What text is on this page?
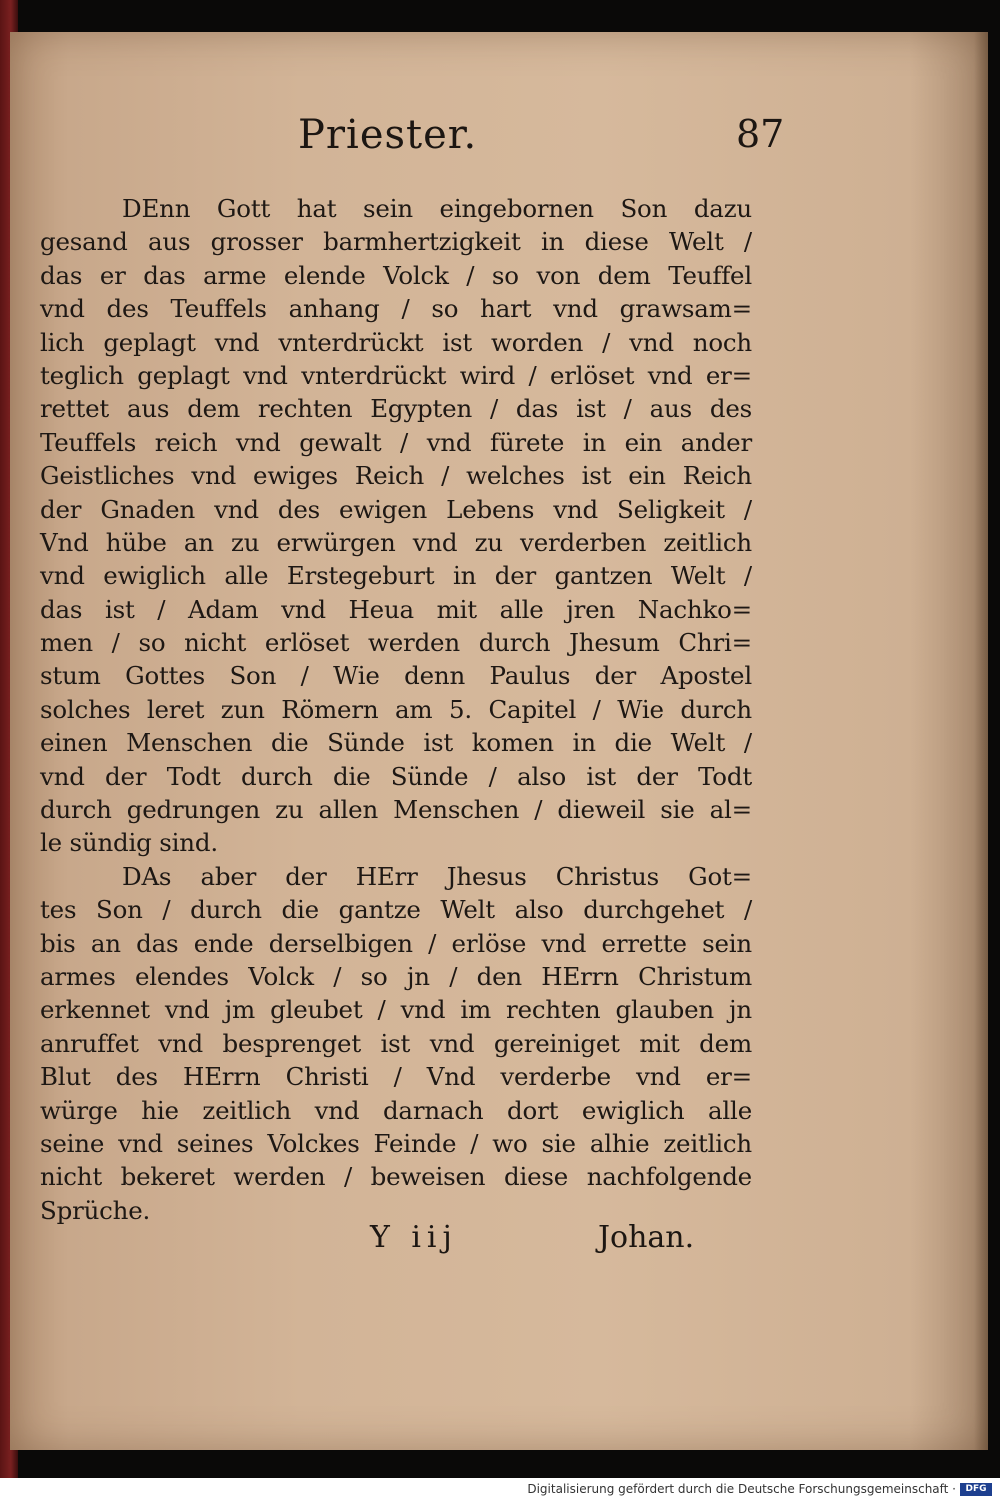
Priester.	87
DEnn Gott hat sein eingebornen Son dazu
gesand aus grosser barmhertzigkeit in diese Welt /
das er das arme elende Volck / so von dem Teuffel
vnd des Teuffels anhang / so hart vnd grawsam=
lich geplagt vnd vnterdrückt ist worden / vnd noch
teglich geplagt vnd vnterdrückt wird / erlöset vnd er=
rettet aus dem rechten Egypten / das ist / aus des
Teuffels reich vnd gewalt / vnd fürete in ein ander
Geistliches vnd ewiges Reich / welches ist ein Reich
der Gnaden vnd des ewigen Lebens vnd Seligkeit /
Vnd hübe an zu erwürgen vnd zu verderben zeitlich
vnd ewiglich alle Erstegeburt in der gantzen Welt /
das ist / Adam vnd Heua mit alle jren Nachko=
men / so nicht erlöset werden durch Jhesum Chri=
stum Gottes Son / Wie denn Paulus der Apostel
solches leret zun Römern am 5. Capitel / Wie durch
einen Menschen die Sünde ist komen in die Welt /
vnd der Todt durch die Sünde / also ist der Todt
durch gedrungen zu allen Menschen / dieweil sie al=
le sündig sind.
DAs aber der HErr Jhesus Christus Got=
tes Son / durch die gantze Welt also durchgehet /
bis an das ende derselbigen / erlöse vnd errette sein
armes elendes Volck / so jn / den HErrn Christum
erkennet vnd jm gleubet / vnd im rechten glauben jn
anruffet vnd besprenget ist vnd gereiniget mit dem
Blut des HErrn Christi / Vnd verderbe vnd er=
würge hie zeitlich vnd darnach dort ewiglich alle
seine vnd seines Volckes Feinde / wo sie alhie zeitlich
nicht bekeret werden / beweisen diese nachfolgende
Sprüche.
Y iij	Johan.
Digitalisierung gefördert durch die Deutsche Forschungsgemeinschaft ·	DFG
